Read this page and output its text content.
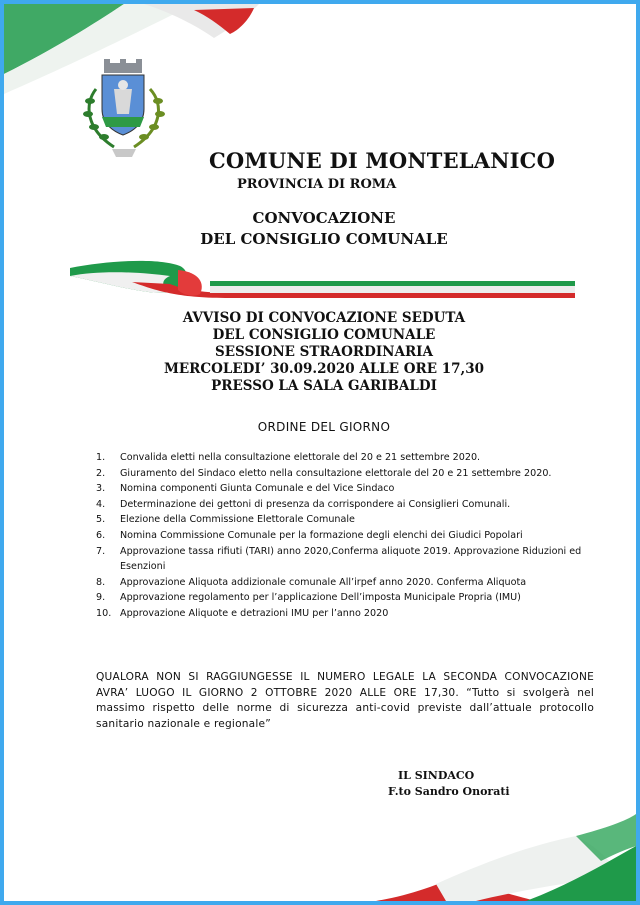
COMUNE DI MONTELANICO
PROVINCIA DI ROMA
CONVOCAZIONE
DEL CONSIGLIO COMUNALE
AVVISO DI CONVOCAZIONE SEDUTA
DEL CONSIGLIO COMUNALE
SESSIONE STRAORDINARIA
MERCOLEDI’ 30.09.2020 ALLE ORE 17,30
PRESSO LA SALA GARIBALDI
ORDINE DEL GIORNO
1. Convalida eletti nella consultazione elettorale del 20 e 21 settembre 2020.
2. Giuramento del Sindaco eletto nella consultazione elettorale del 20 e 21 settembre 2020.
3. Nomina componenti Giunta Comunale e del Vice Sindaco
4. Determinazione dei gettoni di presenza da corrispondere ai Consiglieri Comunali.
5. Elezione della Commissione Elettorale Comunale
6. Nomina Commissione Comunale per la formazione degli elenchi dei Giudici Popolari
7. Approvazione tassa rifiuti (TARI) anno 2020,Conferma aliquote 2019. Approvazione Riduzioni ed Esenzioni
8. Approvazione Aliquota addizionale comunale All’irpef anno 2020. Conferma Aliquota
9. Approvazione regolamento per l’applicazione Dell’imposta Municipale Propria (IMU)
10. Approvazione Aliquote e detrazioni IMU per l’anno 2020
QUALORA NON SI RAGGIUNGESSE IL NUMERO LEGALE LA SECONDA CONVOCAZIONE AVRA’ LUOGO IL GIORNO 2 OTTOBRE 2020 ALLE ORE 17,30. “Tutto si svolgerà nel massimo rispetto delle norme di sicurezza anti-covid previste dall’attuale protocollo sanitario nazionale e regionale”
IL SINDACO
F.to Sandro Onorati
